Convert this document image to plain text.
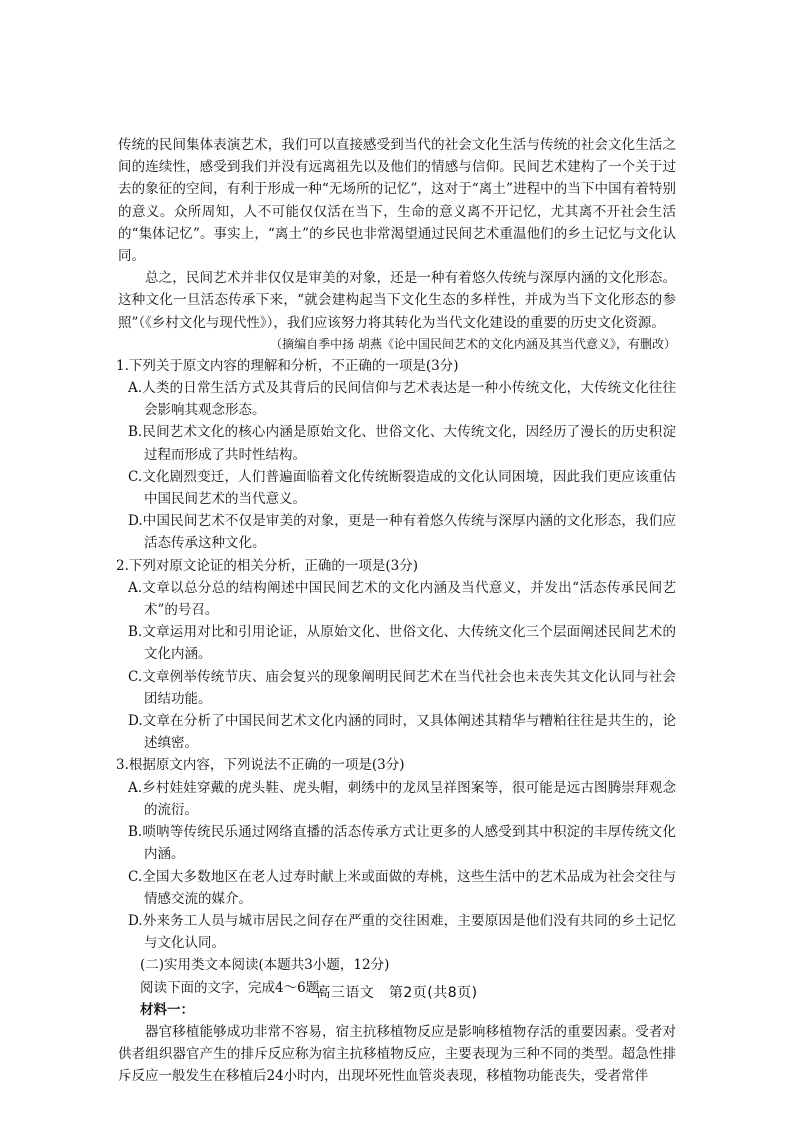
传统的民间集体表演艺术，我们可以直接感受到当代的社会文化生活与传统的社会文化生活之间的连续性，感受到我们并没有远离祖先以及他们的情感与信仰。民间艺术建构了一个关于过去的象征的空间，有利于形成一种“无场所的记忆”，这对于“离土”进程中的当下中国有着特别的意义。众所周知，人不可能仅仅活在当下，生命的意义离不开记忆，尤其离不开社会生活的“集体记忆”。事实上，“离土”的乡民也非常渴望通过民间艺术重温他们的乡土记忆与文化认同。

总之，民间艺术并非仅仅是审美的对象，还是一种有着悠久传统与深厚内涵的文化形态。这种文化一旦活态传承下来，“就会建构起当下文化生态的多样性，并成为当下文化形态的参照”（《乡村文化与现代性》），我们应该努力将其转化为当代文化建设的重要的历史文化资源。

（摘编自季中扬 胡燕《论中国民间艺术的文化内涵及其当代意义》，有删改）

1.下列关于原文内容的理解和分析，不正确的一项是(3分)

A.人类的日常生活方式及其背后的民间信仰与艺术表达是一种小传统文化，大传统文化往往会影响其观念形态。

B.民间艺术文化的核心内涵是原始文化、世俗文化、大传统文化，因经历了漫长的历史积淀过程而形成了共时性结构。

C.文化剧烈变迁，人们普遍面临着文化传统断裂造成的文化认同困境，因此我们更应该重估中国民间艺术的当代意义。

D.中国民间艺术不仅是审美的对象，更是一种有着悠久传统与深厚内涵的文化形态，我们应活态传承这种文化。

2.下列对原文论证的相关分析，正确的一项是(3分)

A.文章以总分总的结构阐述中国民间艺术的文化内涵及当代意义，并发出“活态传承民间艺术”的号召。

B.文章运用对比和引用论证，从原始文化、世俗文化、大传统文化三个层面阐述民间艺术的文化内涵。

C.文章例举传统节庆、庙会复兴的现象阐明民间艺术在当代社会也未丧失其文化认同与社会团结功能。

D.文章在分析了中国民间艺术文化内涵的同时，又具体阐述其精华与糟粕往往是共生的，论述缜密。

3.根据原文内容，下列说法不正确的一项是(3分)

A.乡村娃娃穿戴的虎头鞋、虎头帽，刺绣中的龙凤呈祥图案等，很可能是远古图腾崇拜观念的流衍。

B.唢呐等传统民乐通过网络直播的活态传承方式让更多的人感受到其中积淀的丰厚传统文化内涵。

C.全国大多数地区在老人过寿时献上米或面做的寿桃，这些生活中的艺术品成为社会交往与情感交流的媒介。

D.外来务工人员与城市居民之间存在严重的交往困难，主要原因是他们没有共同的乡土记忆与文化认同。

(二)实用类文本阅读(本题共3小题，12分)

阅读下面的文字，完成4～6题。

材料一：

器官移植能够成功非常不容易，宿主抗移植物反应是影响移植物存活的重要因素。受者对供者组织器官产生的排斥反应称为宿主抗移植物反应，主要表现为三种不同的类型。超急性排斥反应一般发生在移植后24小时内，出现坏死性血管炎表现，移植物功能丧失，受者常伴

高三语文　第2页(共8页)
